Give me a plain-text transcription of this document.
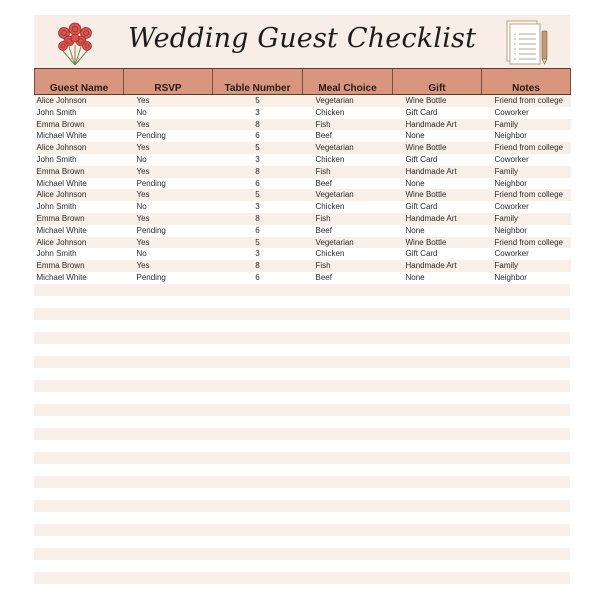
Wedding Guest Checklist
Guest Name	RSVP	Table Number	Meal Choice	Gift	Notes
Alice Johnson	Yes	5	Vegetarian	Wine Bottle	Friend from college
John Smith	No	3	Chicken	Gift Card	Coworker
Emma Brown	Yes	8	Fish	Handmade Art	Family
Michael White	Pending	6	Beef	None	Neighbor
Alice Johnson	Yes	5	Vegetarian	Wine Bottle	Friend from college
John Smith	No	3	Chicken	Gift Card	Coworker
Emma Brown	Yes	8	Fish	Handmade Art	Family
Michael White	Pending	6	Beef	None	Neighbor
Alice Johnson	Yes	5	Vegetarian	Wine Bottle	Friend from college
John Smith	No	3	Chicken	Gift Card	Coworker
Emma Brown	Yes	8	Fish	Handmade Art	Family
Michael White	Pending	6	Beef	None	Neighbor
Alice Johnson	Yes	5	Vegetarian	Wine Bottle	Friend from college
John Smith	No	3	Chicken	Gift Card	Coworker
Emma Brown	Yes	8	Fish	Handmade Art	Family
Michael White	Pending	6	Beef	None	Neighbor
